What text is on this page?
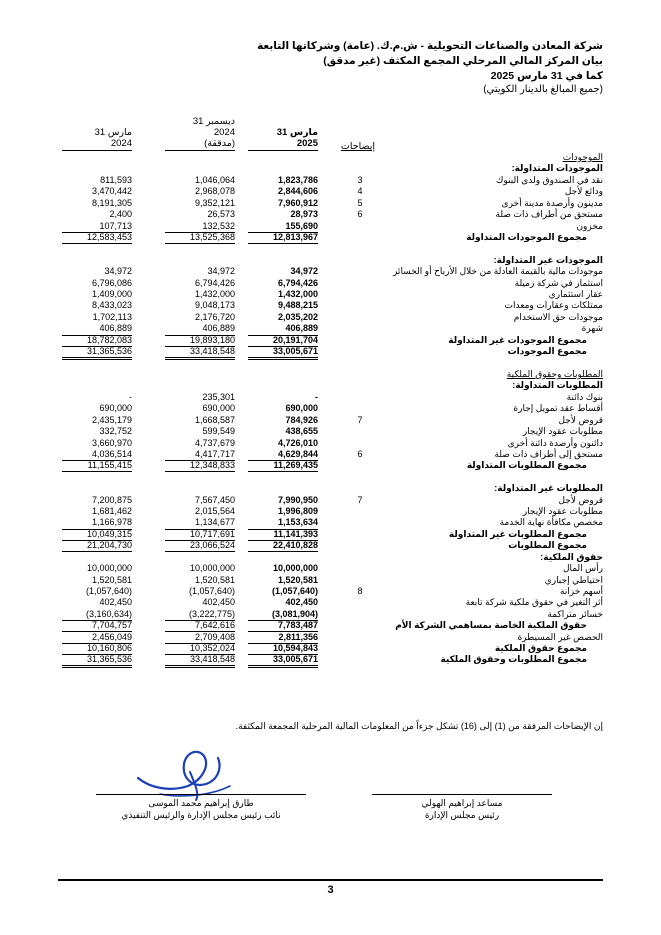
شركة المعادن والصناعات التحويلية - ش.م.ك. (عامة) وشركاتها التابعة
بيان المركز المالي المرحلي المجمع المكثف (غير مدقق)
كما في 31 مارس 2025
(جميع المبالغ بالدينار الكويتي)
إيضاحات
31 مارس
2025
31 ديسمبر
2024
(مدققة)
31 مارس
2024
الموجودات
الموجودات المتداولة:
نقد في الصندوق ولدى البنوك
3
1,823,786
1,046,064
811,593
ودائع لأجل
4
2,844,606
2,968,078
3,470,442
مدينون وأرصدة مدينة أخرى
5
7,960,912
9,352,121
8,191,305
مستحق من أطراف ذات صلة
6
28,973
26,573
2,400
مخزون
155,690
132,532
107,713
مجموع الموجودات المتداولة
12,813,967
13,525,368
12,583,453
الموجودات غير المتداولة:
موجودات مالية بالقيمة العادلة من خلال الأرباح أو الخسائر
34,972
34,972
34,972
استثمار في شركة زميلة
6,794,426
6,794,426
6,796,086
عقار استثماري
1,432,000
1,432,000
1,409,000
ممتلكات وعقارات ومعدات
9,488,215
9,048,173
8,433,023
موجودات حق الاستخدام
2,035,202
2,176,720
1,702,113
شهرة
406,889
406,889
406,889
مجموع الموجودات غير المتداولة
20,191,704
19,893,180
18,782,083
مجموع الموجودات
33,005,671
33,418,548
31,365,536
المطلوبات وحقوق الملكية
المطلوبات المتداولة:
بنوك دائنة
-
235,301
-
أقساط عقد تمويل إجارة
690,000
690,000
690,000
قروض لأجل
7
784,926
1,668,587
2,435,179
مطلوبات عقود الإيجار
438,655
599,549
332,752
دائنون وأرصدة دائنة أخرى
4,726,010
4,737,679
3,660,970
مستحق إلى أطراف ذات صلة
6
4,629,844
4,417,717
4,036,514
مجموع المطلوبات المتداولة
11,269,435
12,348,833
11,155,415
المطلوبات غير المتداولة:
قروض لأجل
7
7,990,950
7,567,450
7,200,875
مطلوبات عقود الإيجار
1,996,809
2,015,564
1,681,462
مخصص مكافأة نهاية الخدمة
1,153,634
1,134,677
1,166,978
مجموع المطلوبات غير المتداولة
11,141,393
10,717,691
10,049,315
مجموع المطلوبات
22,410,828
23,066,524
21,204,730
حقوق الملكية:
رأس المال
10,000,000
10,000,000
10,000,000
احتياطي إجباري
1,520,581
1,520,581
1,520,581
أسهم خزانة
8
(1,057,640)
(1,057,640)
(1,057,640)
أثر التغير في حقوق ملكية شركة تابعة
402,450
402,450
402,450
خسائر متراكمة
(3,081,904)
(3,222,775)
(3,160,634)
حقوق الملكية الخاصة بمساهمي الشركة الأم
7,783,487
7,642,616
7,704,757
الحصص غير المسيطرة
2,811,356
2,709,408
2,456,049
مجموع حقوق الملكية
10,594,843
10,352,024
10,160,806
مجموع المطلوبات وحقوق الملكية
33,005,671
33,418,548
31,365,536
إن الإيضاحات المرفقة من (1) إلى (16) تشكل جزءاً من المعلومات المالية المرحلية المجمعة المكثفة.
طارق إبراهيم محمد الموسى
نائب رئيس مجلس الإدارة والرئيس التنفيذي
مساعد إبراهيم الهولي
رئيس مجلس الإدارة
3
